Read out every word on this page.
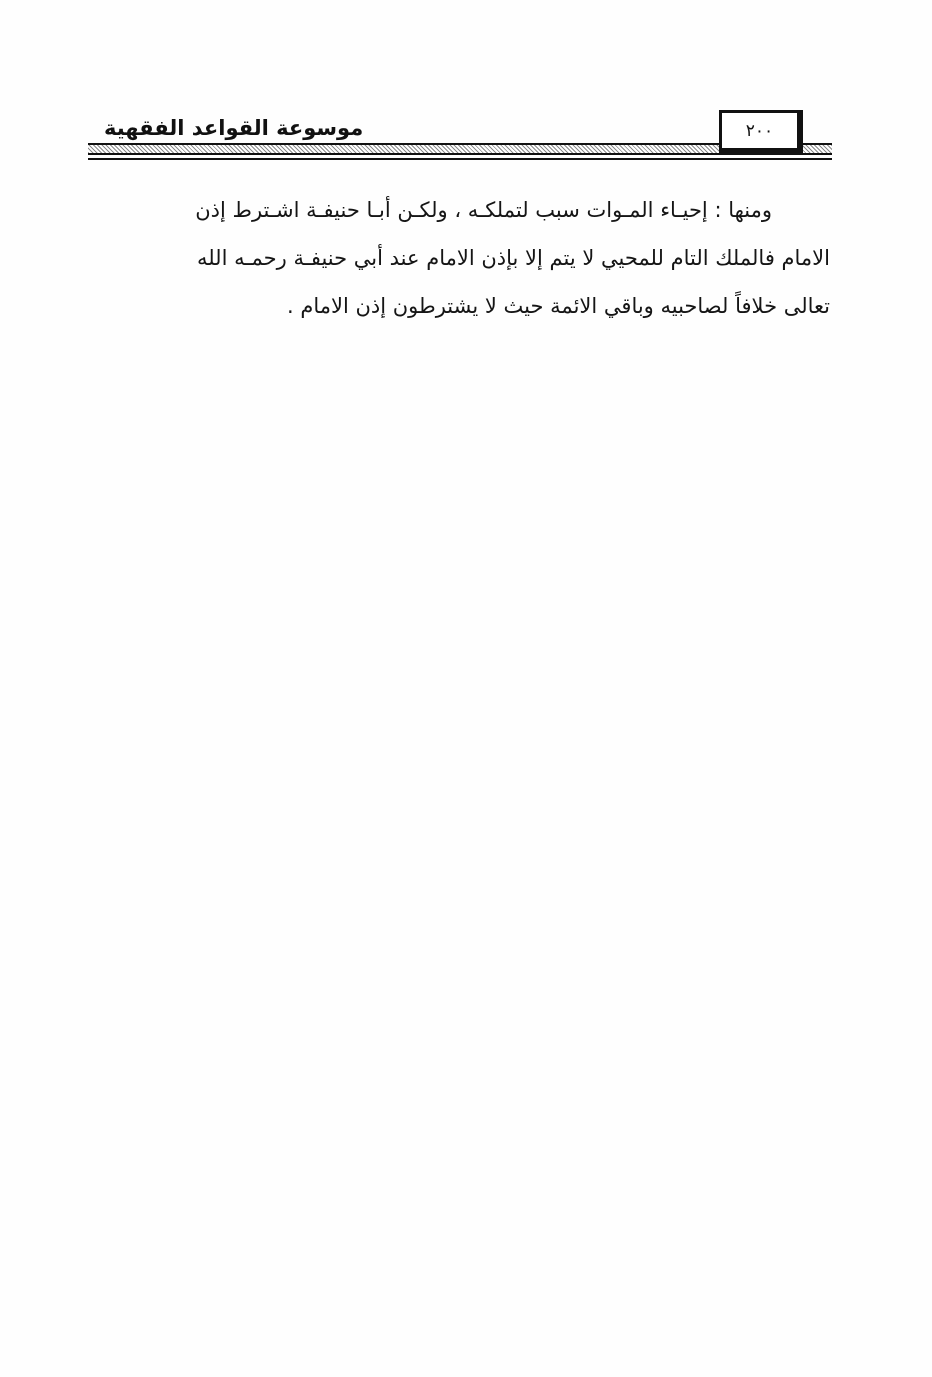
موسوعة القواعد الفقهية	٢٠٠
ومنها : إحيـاء المـوات سبب لتملكـه ، ولكـن أبـا حنيفـة اشـترط إذن
الامام فالملك التام للمحيي لا يتم إلا بإذن الامام عند أبي حنيفـة رحمـه الله
تعالى خلافاً لصاحبيه وباقي الائمة حيث لا يشترطون إذن الامام .
